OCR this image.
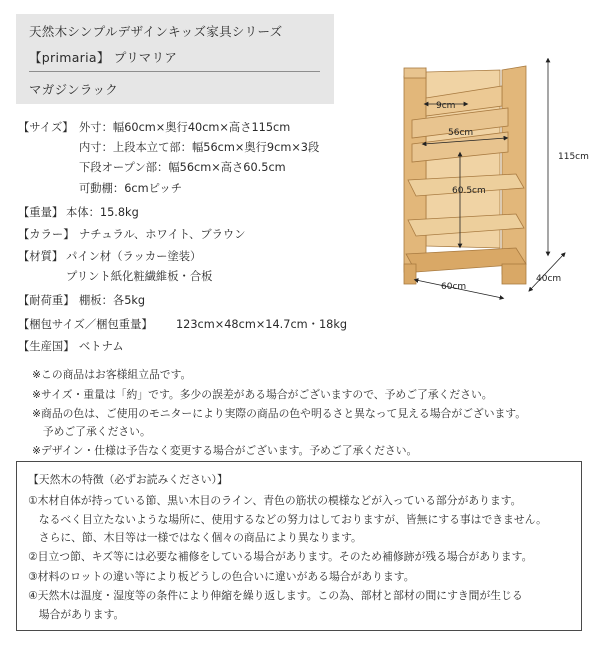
天然木シンプルデザインキッズ家具シリーズ
【primaria】 プリマリア
マガジンラック
【サイズ】 外寸：幅60cm×奥行40cm×高さ115cm
内寸：上段本立て部：幅56cm×奥行9cm×3段
下段オープン部：幅56cm×高さ60.5cm
可動棚：6cmピッチ
【重量】 本体：15.8kg
【カラー】 ナチュラル、ホワイト、ブラウン
【材質】 パイン材（ラッカー塗装）
プリント紙化粧繊維板・合板
【耐荷重】 棚板：各5kg
【梱包サイズ／梱包重量】 123cm×48cm×14.7cm・18kg
【生産国】 ベトナム
※この商品はお客様組立品です。
※サイズ・重量は「約」です。多少の誤差がある場合がございますので、予めご了承ください。
※商品の色は、ご使用のモニターにより実際の商品の色や明るさと異なって見える場合がございます。
　予めご了承ください。
※デザイン・仕様は予告なく変更する場合がございます。予めご了承ください。
【天然木の特徴（必ずお読みください）】
①木材自体が持っている節、黒い木目のライン、青色の筋状の模様などが入っている部分があります。
　なるべく目立たないような場所に、使用するなどの努力はしておりますが、皆無にする事はできません。
　さらに、節、木目等は一様ではなく個々の商品により異なります。
②目立つ節、キズ等には必要な補修をしている場合があります。そのため補修跡が残る場合があります。
③材料のロットの違い等により板どうしの色合いに違いがある場合があります。
④天然木は温度・湿度等の条件により伸縮を繰り返します。この為、部材と部材の間にすき間が生じる
　場合があります。
9cm
56cm
60.5cm
115cm
40cm
60cm
